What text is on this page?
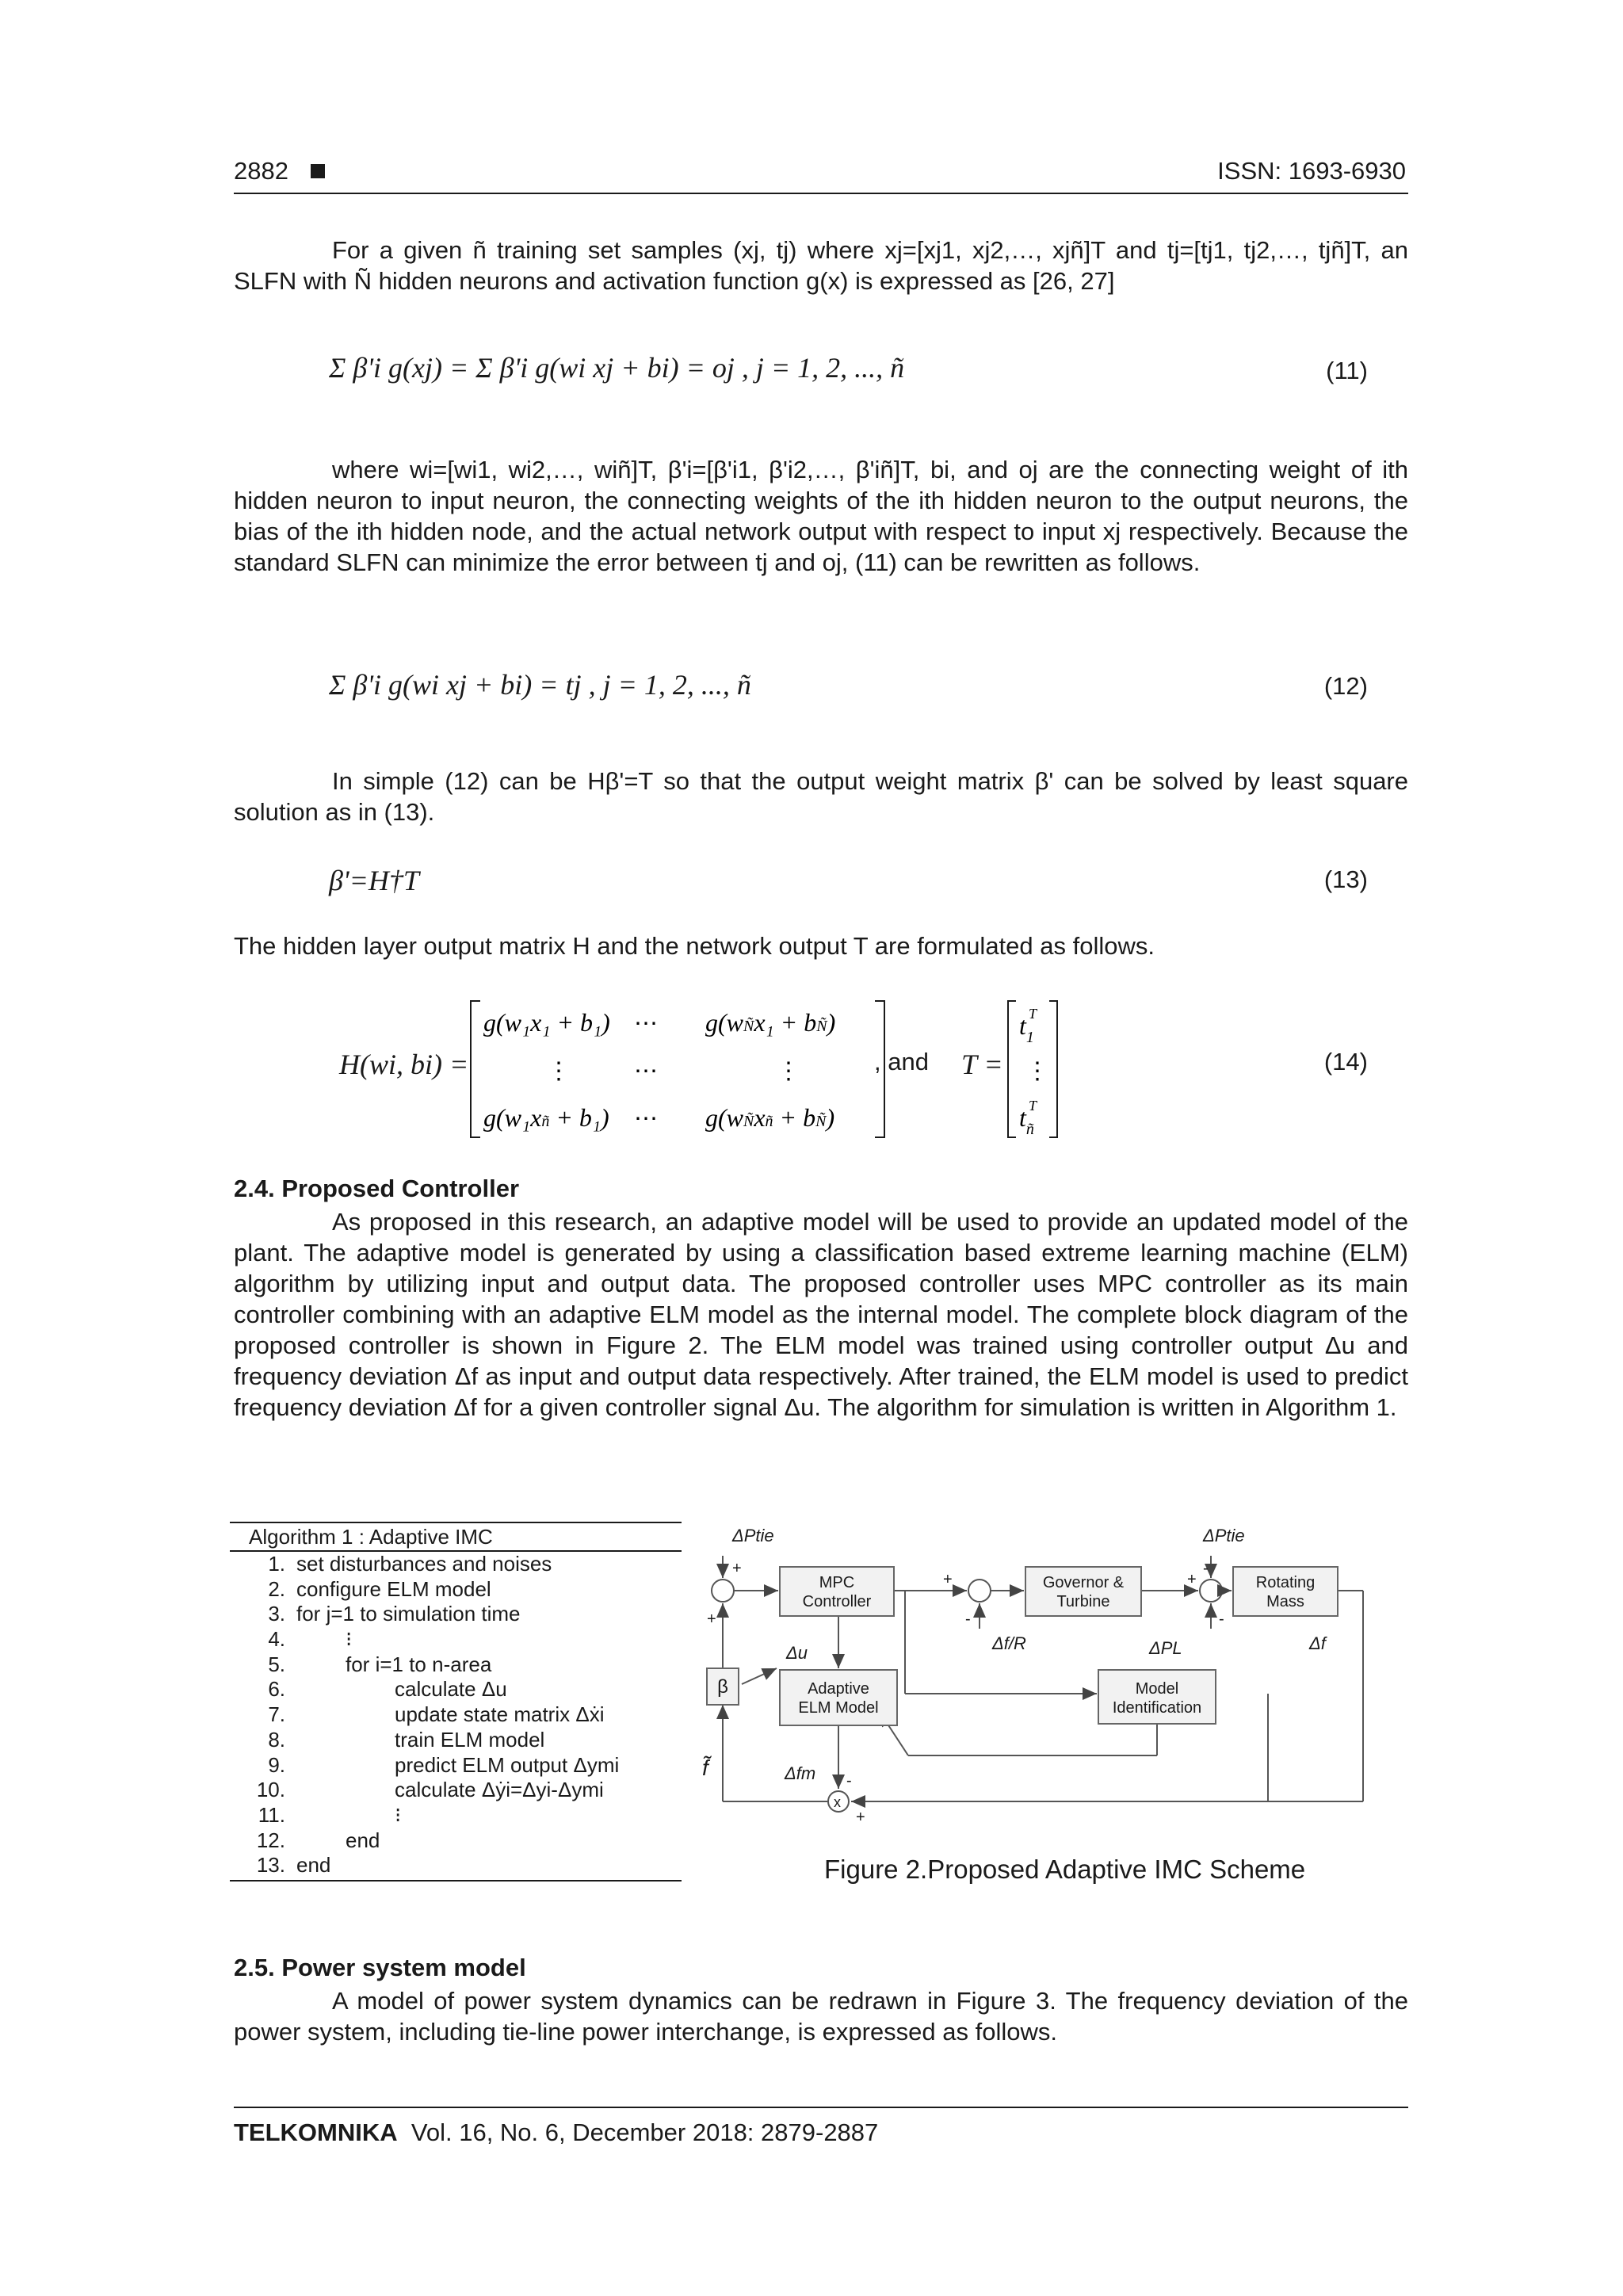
2882	ISSN: 1693-6930

For a given ñ training set samples (xj, tj) where xj=[xj1, xj2,…, xjñ]T and tj=[tj1, tj2,…, tjñ]T, an SLFN with Ñ hidden neurons and activation function g(x) is expressed as [26, 27]

Σ β'i g(xj) = Σ β'i g(wi xj + bi) = oj , j = 1, 2, ..., ñ	(11)

where wi=[wi1, wi2,…, wiñ]T, β'i=[β'i1, β'i2,…, β'iñ]T, bi, and oj are the connecting weight of ith hidden neuron to input neuron, the connecting weights of the ith hidden neuron to the output neurons, the bias of the ith hidden node, and the actual network output with respect to input xj respectively. Because the standard SLFN can minimize the error between tj and oj, (11) can be rewritten as follows.

Σ β'i g(wi xj + bi) = tj , j = 1, 2, ..., ñ	(12)

In simple (12) can be Hβ'=T so that the output weight matrix β' can be solved by least square solution as in (13).

β'=H†T	(13)

The hidden layer output matrix H and the network output T are formulated as follows.

H(wi, bi) =
g(w₁x₁ + b₁) ⋯ g(wÑx₁ + bÑ)
⋮	⋯	⋮
g(w₁xñ + b₁) ⋯ g(wÑxñ + bÑ)
, and T =
$t_1$
T
⋮
$t_ñ$
T
(14)
2.4. Proposed Controller

As proposed in this research, an adaptive model will be used to provide an updated model of the plant. The adaptive model is generated by using a classification based extreme learning machine (ELM) algorithm by utilizing input and output data. The proposed controller uses MPC controller as its main controller combining with an adaptive ELM model as the internal model. The complete block diagram of the proposed controller is shown in Figure 2. The ELM model was trained using controller output Δu and frequency deviation Δf as input and output data respectively. After trained, the ELM model is used to predict frequency deviation Δf for a given controller signal Δu. The algorithm for simulation is written in Algorithm 1.

Algorithm 1 : Adaptive IMC
1. set disturbances and noises
2. configure ELM model
3. for j=1 to simulation time
4.	⁝
5.	for i=1 to n-area
6.	calculate Δu
7.	update state matrix Δẋi
8.	train ELM model
9.	predict ELM output Δymi
10.	calculate Δẏi=Δyi-Δymi
11.	⁝
12.	end
13. end
MPC
Controller
Governor &
Turbine
Rotating
Mass
Adaptive
ELM Model
Model
Identification
β
ΔPtie	ΔPtie
Δu	Δf/R	ΔPL	Δf
Δfm
f̃
+
+
+
-
+
-
-
-
+
x
Figure 2.Proposed Adaptive IMC Scheme
2.5. Power system model

A model of power system dynamics can be redrawn in Figure 3. The frequency deviation of the power system, including tie-line power interchange, is expressed as follows.

TELKOMNIKA Vol. 16, No. 6, December 2018: 2879-2887
